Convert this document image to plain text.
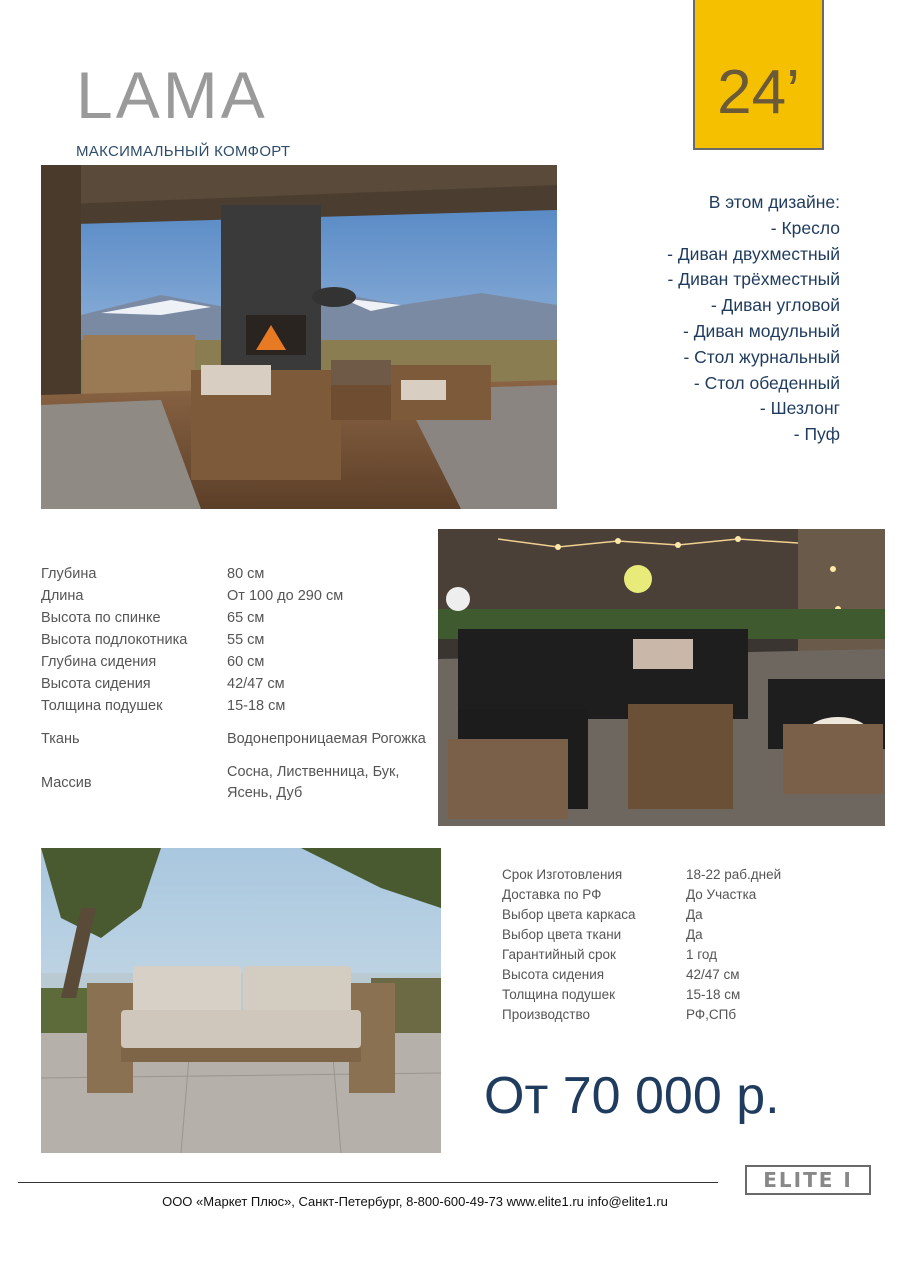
LAMA
МАКСИМАЛЬНЫЙ КОМФОРТ
24’
В этом дизайне:
- Кресло
- Диван двухместный
- Диван трёхместный
- Диван угловой
- Диван модульный
- Стол журнальный
- Стол обеденный
- Шезлонг
- Пуф
Глубина	80 см
Длина	От 100 до 290 см
Высота по спинке	65 см
Высота подлокотника	55 см
Глубина сидения	60 см
Высота сидения	42/47 см
Толщина подушек	15-18 см
Ткань	Водонепроницаемая Рогожка
Массив	Сосна, Лиственница, Бук, Ясень, Дуб
Срок Изготовления	18-22 раб.дней
Доставка по РФ	До Участка
Выбор цвета каркаса	Да
Выбор цвета ткани	Да
Гарантийный срок	1 год
Высота сидения	42/47 см
Толщина подушек	15-18 см
Производство	РФ,СПб
От 70 000 р.
ELITE I
ООО «Маркет Плюс», Санкт-Петербург, 8-800-600-49-73 www.elite1.ru info@elite1.ru
